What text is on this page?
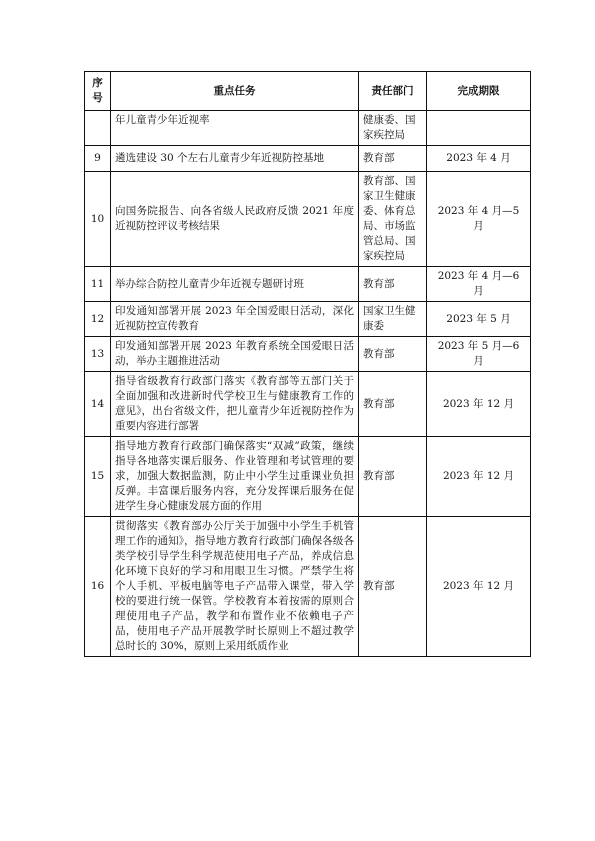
序号	重点任务	责任部门	完成期限
	年儿童青少年近视率	健康委、国家疾控局	
9	遴选建设 30 个左右儿童青少年近视防控基地	教育部	2023 年 4 月
10	向国务院报告、向各省级人民政府反馈 2021 年度近视防控评议考核结果	教育部、国家卫生健康委、体育总局、市场监管总局、国家疾控局	2023 年 4 月—5 月
11	举办综合防控儿童青少年近视专题研讨班	教育部	2023 年 4 月—6 月
12	印发通知部署开展 2023 年全国爱眼日活动，深化近视防控宣传教育	国家卫生健康委	2023 年 5 月
13	印发通知部署开展 2023 年教育系统全国爱眼日活动，举办主题推进活动	教育部	2023 年 5 月—6 月
14	指导省级教育行政部门落实《教育部等五部门关于全面加强和改进新时代学校卫生与健康教育工作的意见》，出台省级文件，把儿童青少年近视防控作为重要内容进行部署	教育部	2023 年 12 月
15	指导地方教育行政部门确保落实“双减”政策，继续指导各地落实课后服务、作业管理和考试管理的要求，加强大数据监测，防止中小学生过重课业负担反弹。丰富课后服务内容，充分发挥课后服务在促进学生身心健康发展方面的作用	教育部	2023 年 12 月
16	贯彻落实《教育部办公厅关于加强中小学生手机管理工作的通知》，指导地方教育行政部门确保各级各类学校引导学生科学规范使用电子产品，养成信息化环境下良好的学习和用眼卫生习惯。严禁学生将个人手机、平板电脑等电子产品带入课堂，带入学校的要进行统一保管。学校教育本着按需的原则合理使用电子产品，教学和布置作业不依赖电子产品，使用电子产品开展教学时长原则上不超过教学总时长的 30%，原则上采用纸质作业	教育部	2023 年 12 月
